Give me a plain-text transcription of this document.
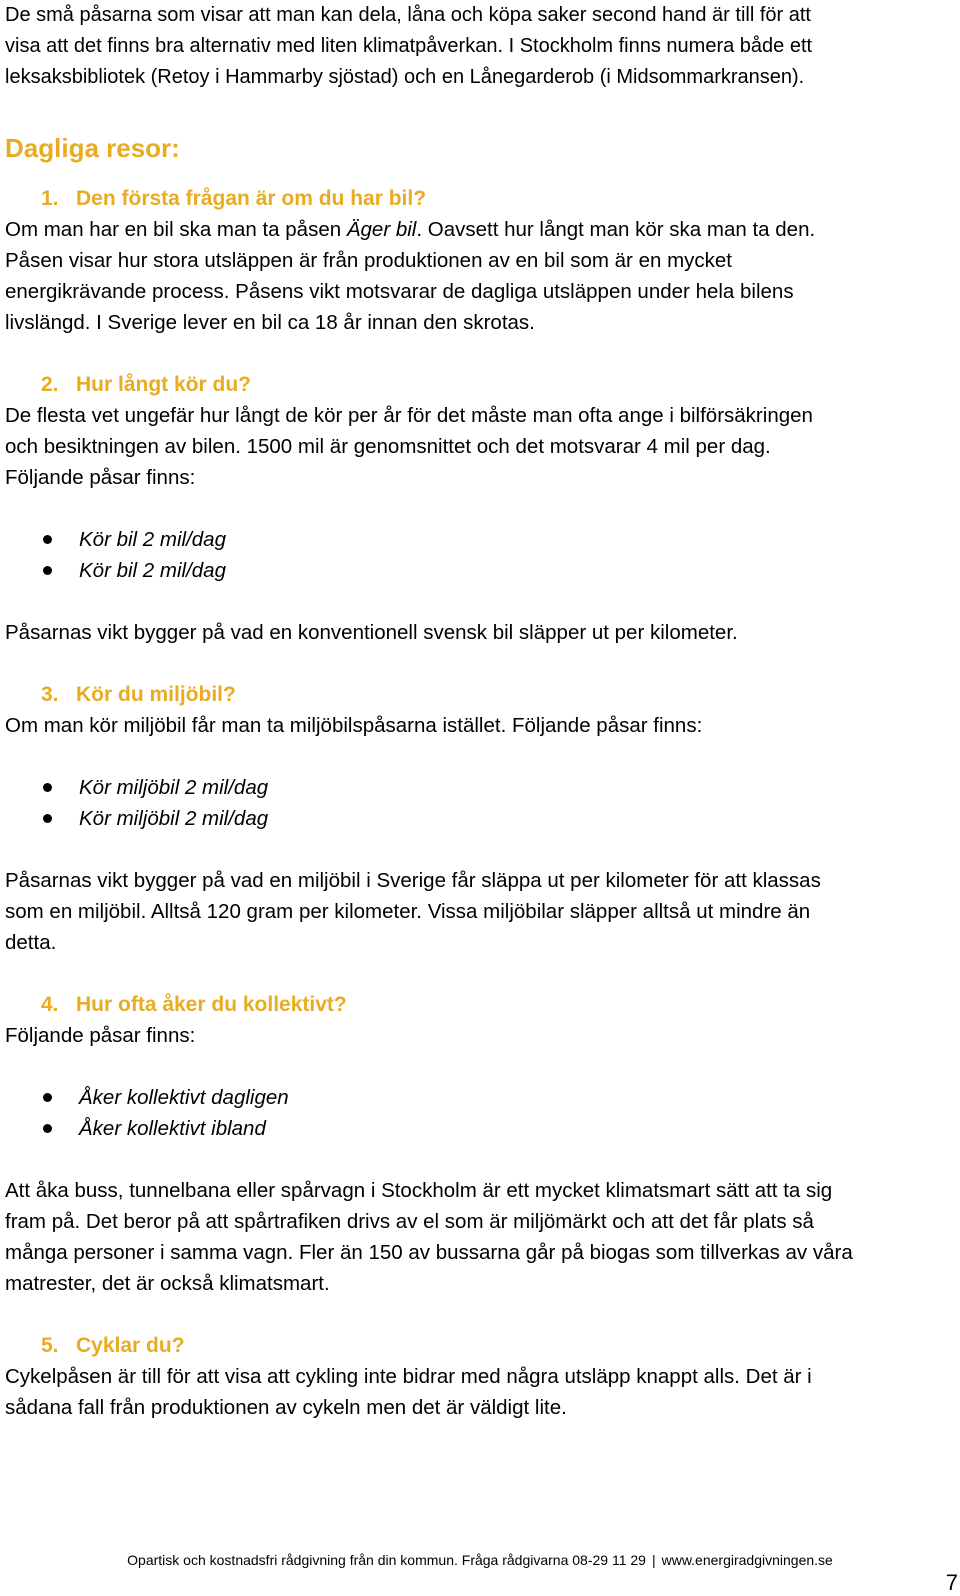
De små påsarna som visar att man kan dela, låna och köpa saker second hand är till för att

visa att det finns bra alternativ med liten klimatpåverkan. I Stockholm finns numera både ett

leksaksbibliotek (Retoy i Hammarby sjöstad) och en Lånegarderob (i Midsommarkransen).

Dagliga resor:

1. Den första frågan är om du har bil?

Om man har en bil ska man ta påsen Äger bil. Oavsett hur långt man kör ska man ta den.

Påsen visar hur stora utsläppen är från produktionen av en bil som är en mycket

energikrävande process. Påsens vikt motsvarar de dagliga utsläppen under hela bilens

livslängd. I Sverige lever en bil ca 18 år innan den skrotas.

2. Hur långt kör du?

De flesta vet ungefär hur långt de kör per år för det måste man ofta ange i bilförsäkringen

och besiktningen av bilen. 1500 mil är genomsnittet och det motsvarar 4 mil per dag.

Följande påsar finns:

Kör bil 2 mil/dag
Kör bil 2 mil/dag

Påsarnas vikt bygger på vad en konventionell svensk bil släpper ut per kilometer.

3. Kör du miljöbil?

Om man kör miljöbil får man ta miljöbilspåsarna istället. Följande påsar finns:

Kör miljöbil 2 mil/dag
Kör miljöbil 2 mil/dag

Påsarnas vikt bygger på vad en miljöbil i Sverige får släppa ut per kilometer för att klassas

som en miljöbil. Alltså 120 gram per kilometer. Vissa miljöbilar släpper alltså ut mindre än

detta.

4. Hur ofta åker du kollektivt?

Följande påsar finns:

Åker kollektivt dagligen
Åker kollektivt ibland

Att åka buss, tunnelbana eller spårvagn i Stockholm är ett mycket klimatsmart sätt att ta sig

fram på. Det beror på att spårtrafiken drivs av el som är miljömärkt och att det får plats så

många personer i samma vagn. Fler än 150 av bussarna går på biogas som tillverkas av våra

matrester, det är också klimatsmart.

5. Cyklar du?

Cykelpåsen är till för att visa att cykling inte bidrar med några utsläpp knappt alls. Det är i

sådana fall från produktionen av cykeln men det är väldigt lite.

Opartisk och kostnadsfri rådgivning från din kommun. Fråga rådgivarna 08-29 11 29 | www.energiradgivningen.se
7
